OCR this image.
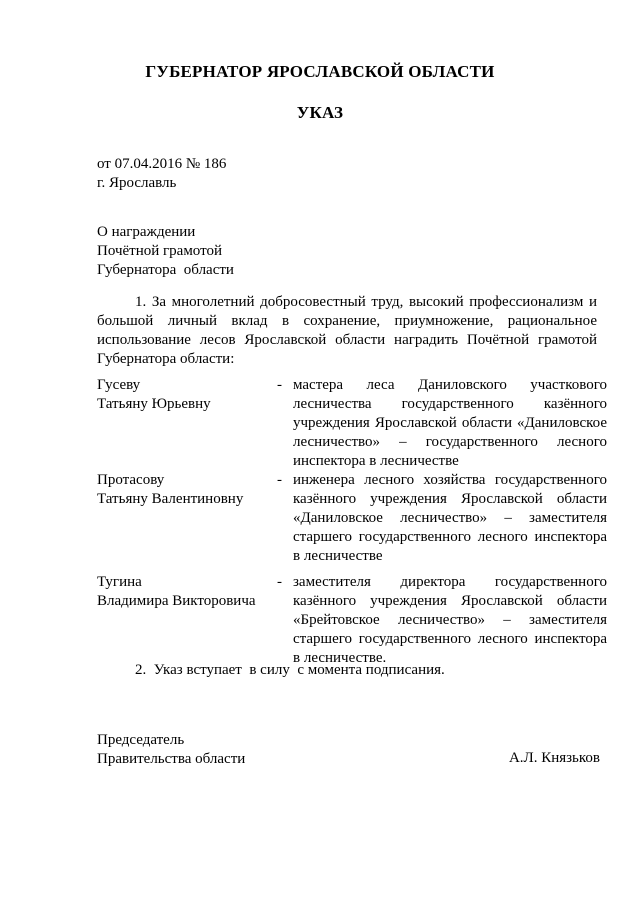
ГУБЕРНАТОР ЯРОСЛАВСКОЙ ОБЛАСТИ
УКАЗ
от 07.04.2016 № 186
г. Ярославль
О награждении
Почётной грамотой
Губернатора  области
1. За многолетний добросовестный труд, высокий профессионализм и большой личный вклад в сохранение, приумножение, рациональное использование лесов Ярославской области наградить Почётной грамотой Губернатора области:
Гусеву
Татьяну Юрьевну
- мастера леса Даниловского участкового лесничества государственного казённого учреждения Ярославской области «Даниловское лесничество» – государственного лесного инспектора в лесничестве
Протасову
Татьяну Валентиновну
- инженера лесного хозяйства государственного казённого учреждения Ярославской области «Даниловское лесничество» – заместителя старшего государственного лесного инспектора в лесничестве
Тугина
Владимира Викторовича
- заместителя директора государственного казённого учреждения Ярославской области «Брейтовское лесничество» – заместителя старшего государственного лесного инспектора в лесничестве.
2.  Указ вступает  в силу  с момента подписания.
Председатель
Правительства области	А.Л. Князьков
